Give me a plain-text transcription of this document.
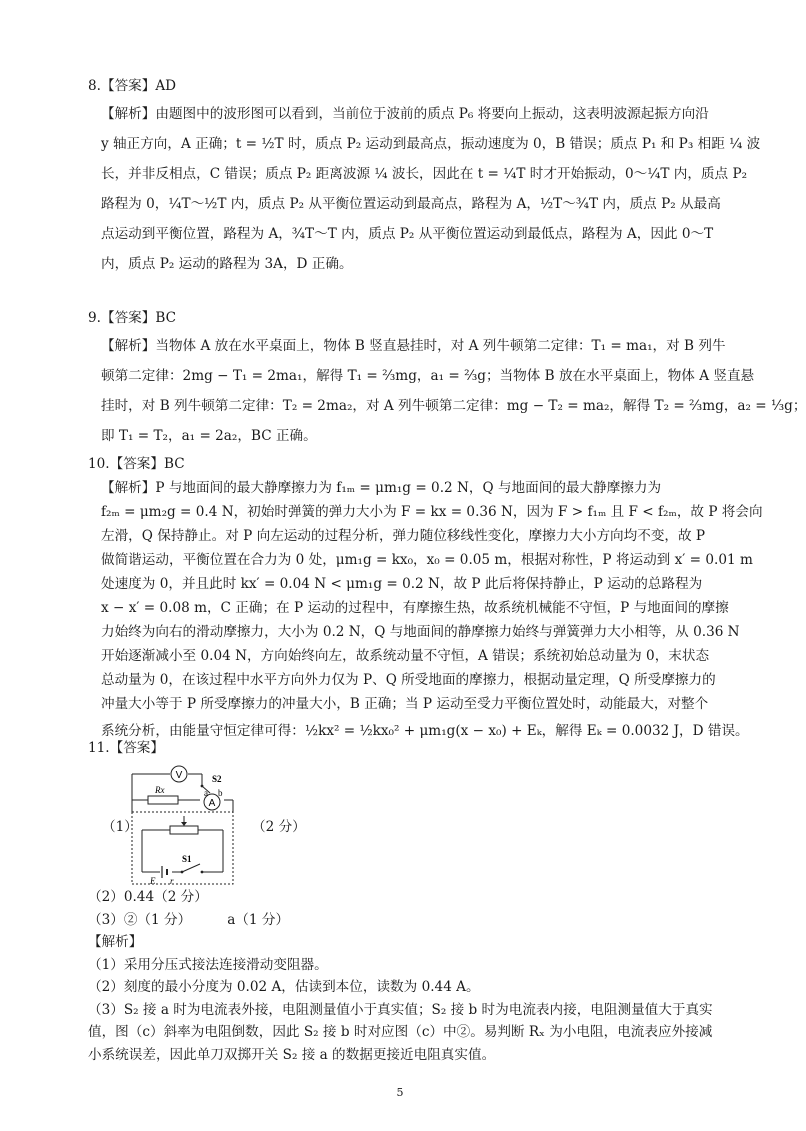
8.【答案】AD
【解析】由题图中的波形图可以看到，当前位于波前的质点 P₆ 将要向上振动，这表明波源起振方向沿
y 轴正方向，A 正确；t = ½T 时，质点 P₂ 运动到最高点，振动速度为 0，B 错误；质点 P₁ 和 P₃ 相距 ¼ 波
长，并非反相点，C 错误；质点 P₂ 距离波源 ¼ 波长，因此在 t = ¼T 时才开始振动，0～¼T 内，质点 P₂
路程为 0，¼T～½T 内，质点 P₂ 从平衡位置运动到最高点，路程为 A，½T～¾T 内，质点 P₂ 从最高
点运动到平衡位置，路程为 A，¾T～T 内，质点 P₂ 从平衡位置运动到最低点，路程为 A，因此 0～T
内，质点 P₂ 运动的路程为 3A，D 正确。
9.【答案】BC
【解析】当物体 A 放在水平桌面上，物体 B 竖直悬挂时，对 A 列牛顿第二定律：T₁ = ma₁，对 B 列牛
顿第二定律：2mg − T₁ = 2ma₁，解得 T₁ = ⅔mg，a₁ = ⅔g；当物体 B 放在水平桌面上，物体 A 竖直悬
挂时，对 B 列牛顿第二定律：T₂ = 2ma₂，对 A 列牛顿第二定律：mg − T₂ = ma₂，解得 T₂ = ⅔mg，a₂ = ⅓g；
即 T₁ = T₂，a₁ = 2a₂，BC 正确。
10.【答案】BC
【解析】P 与地面间的最大静摩擦力为 f₁ₘ = μm₁g = 0.2 N，Q 与地面间的最大静摩擦力为
f₂ₘ = μm₂g = 0.4 N，初始时弹簧的弹力大小为 F = kx = 0.36 N，因为 F > f₁ₘ 且 F < f₂ₘ，故 P 将会向
左滑，Q 保持静止。对 P 向左运动的过程分析，弹力随位移线性变化，摩擦力大小方向均不变，故 P
做简谐运动，平衡位置在合力为 0 处，μm₁g = kx₀，x₀ = 0.05 m，根据对称性，P 将运动到 x′ = 0.01 m
处速度为 0，并且此时 kx′ = 0.04 N < μm₁g = 0.2 N，故 P 此后将保持静止，P 运动的总路程为
x − x′ = 0.08 m，C 正确；在 P 运动的过程中，有摩擦生热，故系统机械能不守恒，P 与地面间的摩擦
力始终为向右的滑动摩擦力，大小为 0.2 N，Q 与地面间的静摩擦力始终与弹簧弹力大小相等，从 0.36 N
开始逐渐减小至 0.04 N，方向始终向左，故系统动量不守恒，A 错误；系统初始总动量为 0，末状态
总动量为 0，在该过程中水平方向外力仅为 P、Q 所受地面的摩擦力，根据动量定理，Q 所受摩擦力的
冲量大小等于 P 所受摩擦力的冲量大小，B 正确；当 P 运动至受力平衡位置处时，动能最大，对整个
系统分析，由能量守恒定律可得：½kx² = ½kx₀² + μm₁g(x − x₀) + Eₖ，解得 Eₖ = 0.0032 J，D 错误。
11.【答案】
（1）	（2 分）
V
A
Rx
S2
a b
S1
E r
（2）0.44（2 分）
（3）②（1 分）	a（1 分）
【解析】
（1）采用分压式接法连接滑动变阻器。
（2）刻度的最小分度为 0.02 A，估读到本位，读数为 0.44 A。
（3）S₂ 接 a 时为电流表外接，电阻测量值小于真实值；S₂ 接 b 时为电流表内接，电阻测量值大于真实
值，图（c）斜率为电阻倒数，因此 S₂ 接 b 时对应图（c）中②。易判断 Rₓ 为小电阻，电流表应外接减
小系统误差，因此单刀双掷开关 S₂ 接 a 的数据更接近电阻真实值。
5
